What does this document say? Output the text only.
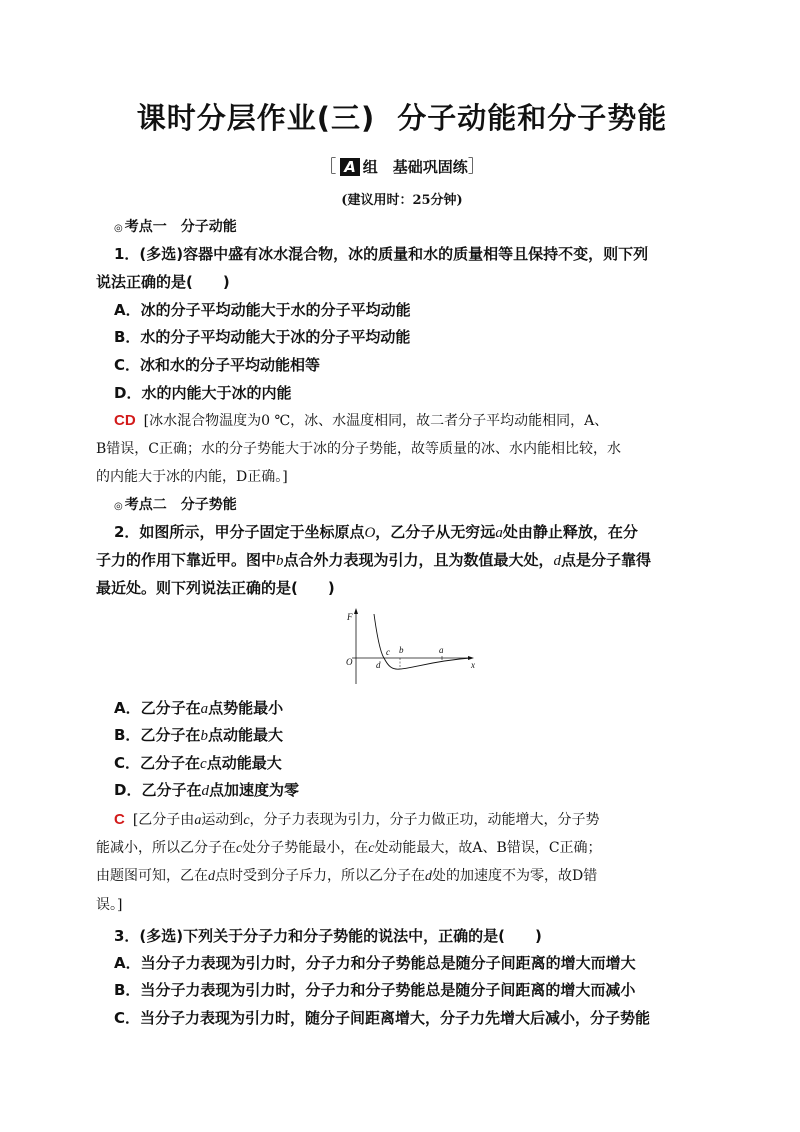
课时分层作业(三) 分子动能和分子势能
［ A 组　基础巩固练］
(建议用时：25分钟)
◎ 考点一 分子动能
1．(多选)容器中盛有冰水混合物，冰的质量和水的质量相等且保持不变，则下列
说法正确的是(　　)
A．冰的分子平均动能大于水的分子平均动能
B．水的分子平均动能大于冰的分子平均动能
C．冰和水的分子平均动能相等
D．水的内能大于冰的内能
CD [冰水混合物温度为0 ℃，冰、水温度相同，故二者分子平均动能相同，A、
B错误，C正确；水的分子势能大于冰的分子势能，故等质量的冰、水内能相比较，水
的内能大于冰的内能，D正确。]
◎ 考点二 分子势能
2．如图所示，甲分子固定于坐标原点O，乙分子从无穷远a处由静止释放，在分
子力的作用下靠近甲。图中b点合外力表现为引力，且为数值最大处，d点是分子靠得
最近处。则下列说法正确的是(　　)
F
O	x
c b	a
d
A．乙分子在a点势能最小
B．乙分子在b点动能最大
C．乙分子在c点动能最大
D．乙分子在d点加速度为零
C [乙分子由a运动到c，分子力表现为引力，分子力做正功，动能增大，分子势
能减小，所以乙分子在c处分子势能最小，在c处动能最大，故A、B错误，C正确；
由题图可知，乙在d点时受到分子斥力，所以乙分子在d处的加速度不为零，故D错
误。]
3．(多选)下列关于分子力和分子势能的说法中，正确的是(　　)
A．当分子力表现为引力时，分子力和分子势能总是随分子间距离的增大而增大
B．当分子力表现为引力时，分子力和分子势能总是随分子间距离的增大而减小
C．当分子力表现为引力时，随分子间距离增大，分子力先增大后减小，分子势能
